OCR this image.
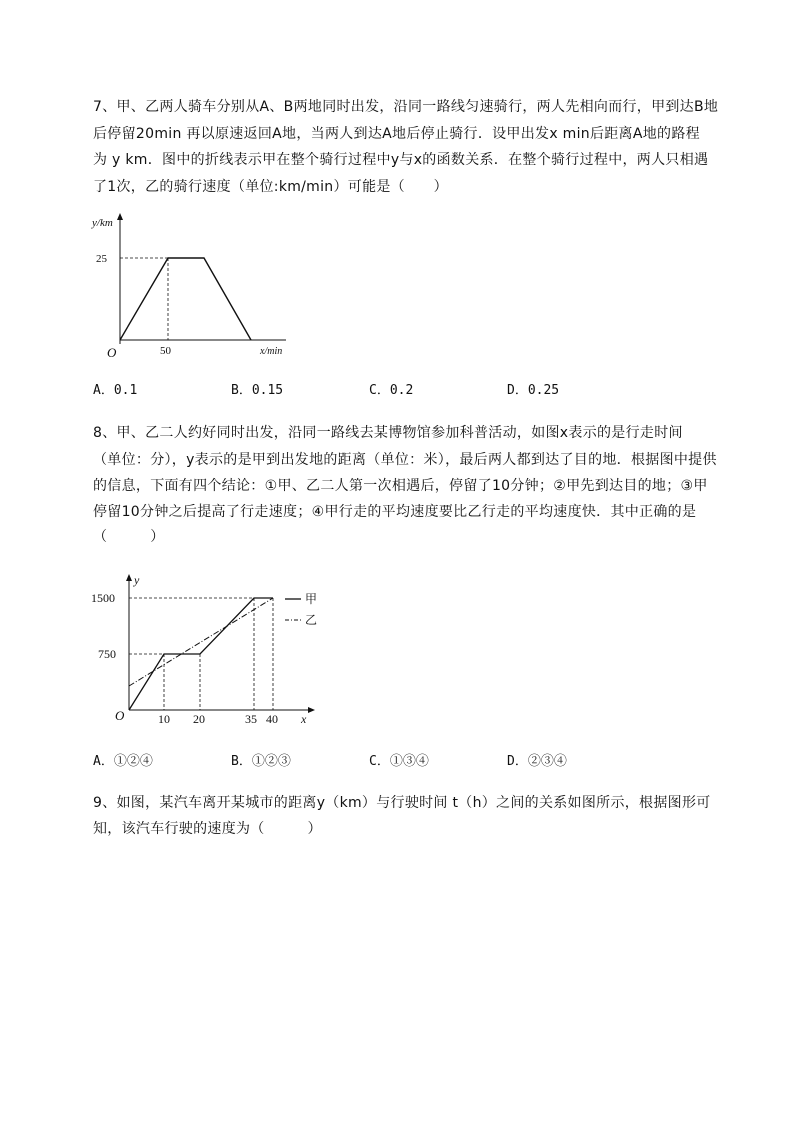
7、甲、乙两人骑车分别从A、B两地同时出发，沿同一路线匀速骑行，两人先相向而行，甲到达B地
后停留20min 再以原速返回A地，当两人到达A地后停止骑行．设甲出发x min后距离A地的路程
为 y km．图中的折线表示甲在整个骑行过程中y与x的函数关系．在整个骑行过程中，两人只相遇
了1次，乙的骑行速度（单位:km/min）可能是（　　）
y/km
25
50
O	x/min
A．0.1	B．0.15	C．0.2	D．0.25
8、甲、乙二人约好同时出发，沿同一路线去某博物馆参加科普活动，如图x表示的是行走时间
（单位：分），y表示的是甲到出发地的距离（单位：米），最后两人都到达了目的地．根据图中提供
的信息，下面有四个结论：①甲、乙二人第一次相遇后，停留了10分钟；②甲先到达目的地；③甲
停留10分钟之后提高了行走速度；④甲行走的平均速度要比乙行走的平均速度快．其中正确的是
（　　　）
1500
750
10 20	35 40
O
y
x
甲
乙
A．①②④	B．①②③	C．①③④	D．②③④
9、如图，某汽车离开某城市的距离y（km）与行驶时间 t（h）之间的关系如图所示，根据图形可
知，该汽车行驶的速度为（　　　）
